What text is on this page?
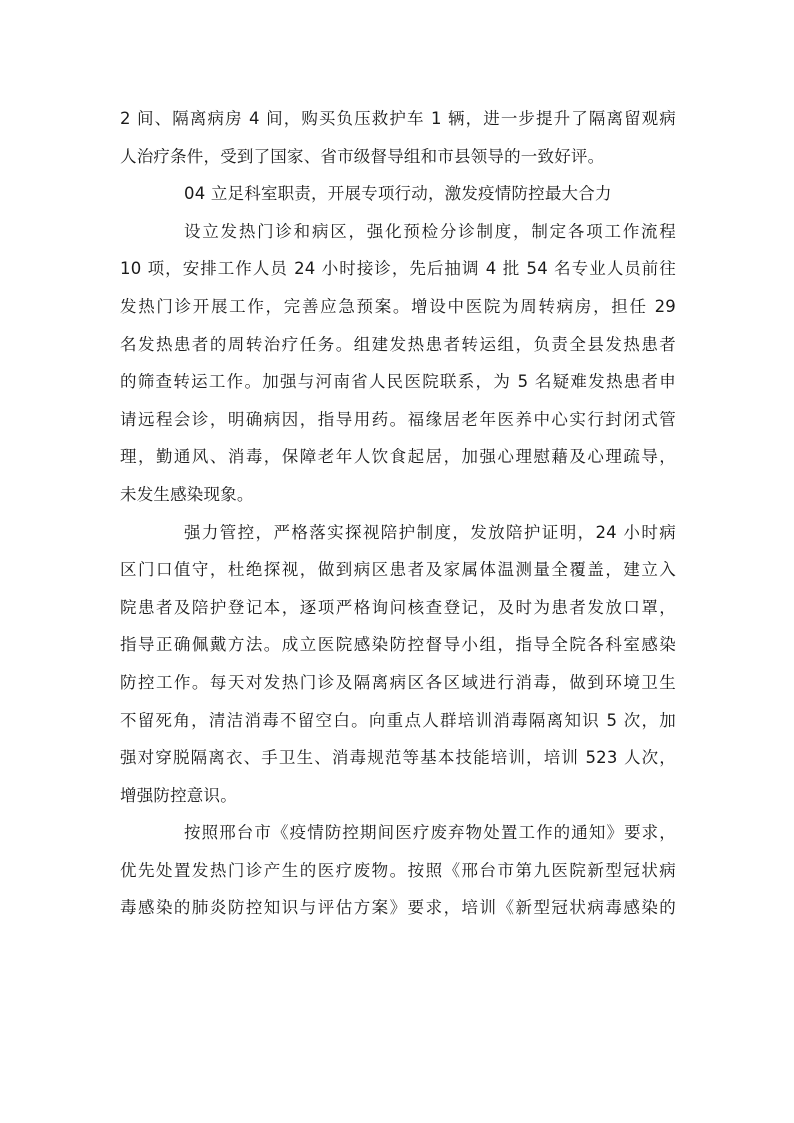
2 间、隔离病房 4 间，购买负压救护车 1 辆，进一步提升了隔离留观病
人治疗条件，受到了国家、省市级督导组和市县领导的一致好评。
04 立足科室职责，开展专项行动，激发疫情防控最大合力
设立发热门诊和病区，强化预检分诊制度，制定各项工作流程
10 项，安排工作人员 24 小时接诊，先后抽调 4 批 54 名专业人员前往
发热门诊开展工作，完善应急预案。增设中医院为周转病房，担任 29
名发热患者的周转治疗任务。组建发热患者转运组，负责全县发热患者
的筛查转运工作。加强与河南省人民医院联系，为 5 名疑难发热患者申
请远程会诊，明确病因，指导用药。福缘居老年医养中心实行封闭式管
理，勤通风、消毒，保障老年人饮食起居，加强心理慰藉及心理疏导，
未发生感染现象。
强力管控，严格落实探视陪护制度，发放陪护证明，24 小时病
区门口值守，杜绝探视，做到病区患者及家属体温测量全覆盖，建立入
院患者及陪护登记本，逐项严格询问核查登记，及时为患者发放口罩，
指导正确佩戴方法。成立医院感染防控督导小组，指导全院各科室感染
防控工作。每天对发热门诊及隔离病区各区域进行消毒，做到环境卫生
不留死角，清洁消毒不留空白。向重点人群培训消毒隔离知识 5 次，加
强对穿脱隔离衣、手卫生、消毒规范等基本技能培训，培训 523 人次，
增强防控意识。
按照邢台市《疫情防控期间医疗废弃物处置工作的通知》要求，
优先处置发热门诊产生的医疗废物。按照《邢台市第九医院新型冠状病
毒感染的肺炎防控知识与评估方案》要求，培训《新型冠状病毒感染的
